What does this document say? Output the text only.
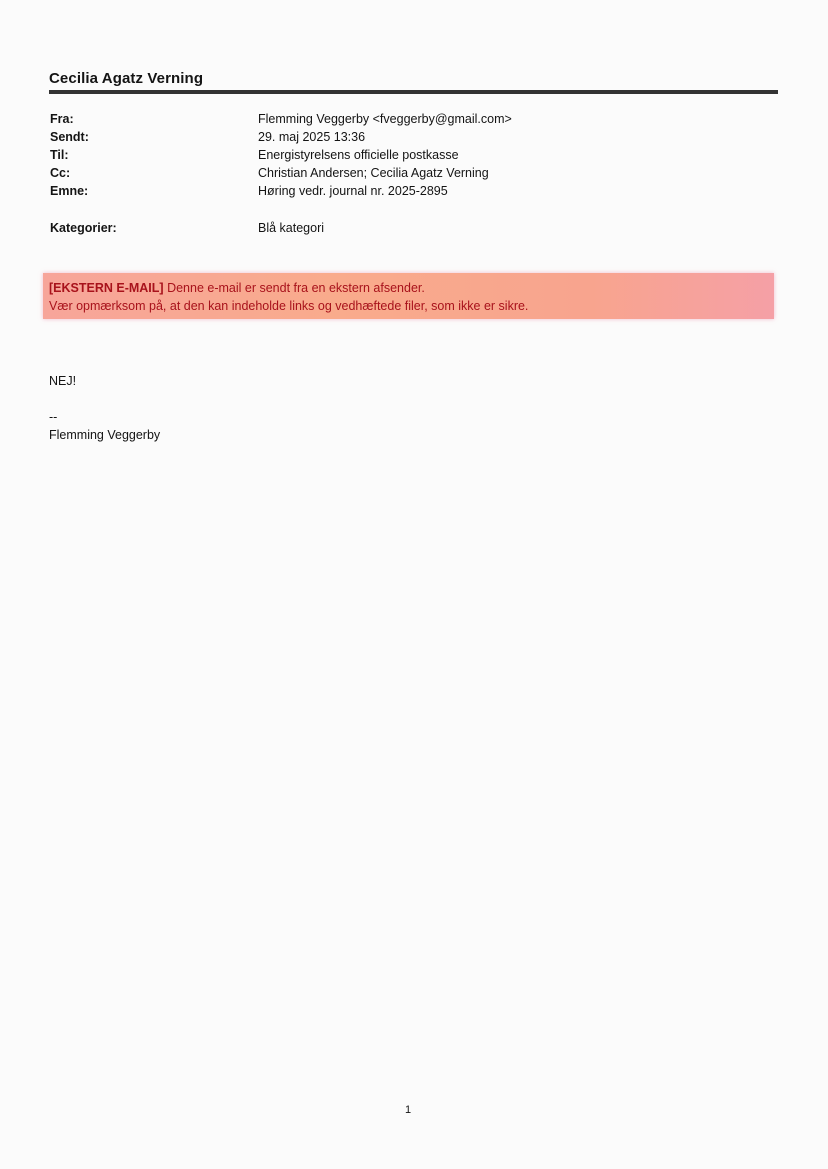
Cecilia Agatz Verning
Fra:	Flemming Veggerby <fveggerby@gmail.com>
Sendt:	29. maj 2025 13:36
Til:	Energistyrelsens officielle postkasse
Cc:	Christian Andersen; Cecilia Agatz Verning
Emne:	Høring vedr. journal nr. 2025-2895
Kategorier:	Blå kategori
[EKSTERN E-MAIL] Denne e-mail er sendt fra en ekstern afsender.
Vær opmærksom på, at den kan indeholde links og vedhæftede filer, som ikke er sikre.
NEJ!
--
Flemming Veggerby
1
